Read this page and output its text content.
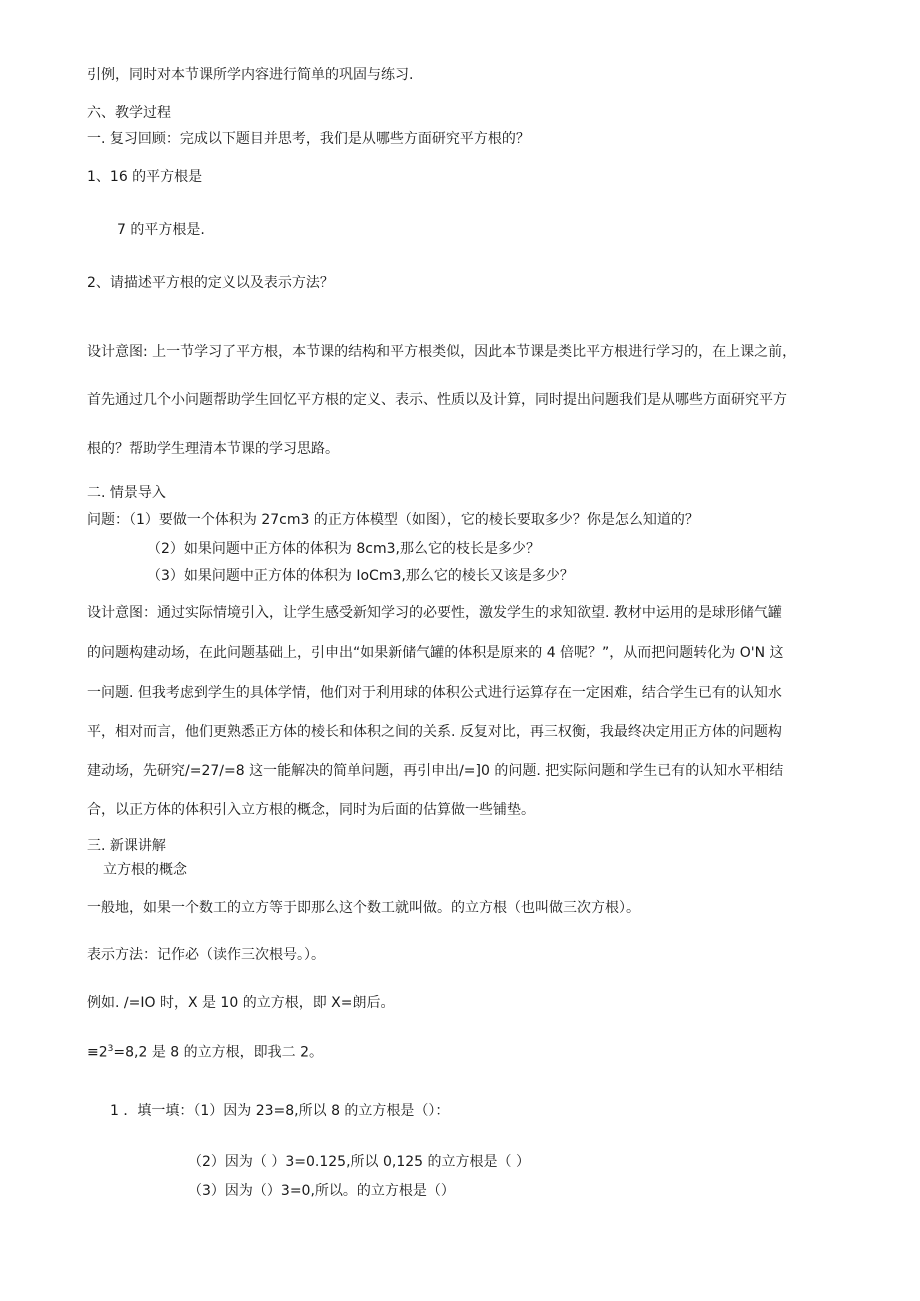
引例，同时对本节课所学内容进行简单的巩固与练习.
六、教学过程
一. 复习回顾：完成以下题目并思考，我们是从哪些方面研究平方根的？
1、16 的平方根是
7 的平方根是.
2、请描述平方根的定义以及表示方法？
设计意图: 上一节学习了平方根，本节课的结构和平方根类似，因此本节课是类比平方根进行学习的，在上课之前，
首先通过几个小问题帮助学生回忆平方根的定义、表示、性质以及计算，同时提出问题我们是从哪些方面研究平方
根的？帮助学生理清本节课的学习思路。
二. 情景导入
问题：（1）要做一个体积为 27cm3 的正方体模型（如图），它的棱长要取多少？你是怎么知道的？
（2）如果问题中正方体的体积为 8cm3,那么它的枝长是多少？
（3）如果问题中正方体的体积为 IoCm3,那么它的棱长又该是多少？
设计意图：通过实际情境引入，让学生感受新知学习的必要性，激发学生的求知欲望. 教材中运用的是球形储气罐
的问题构建动场，在此问题基础上，引申出“如果新储气罐的体积是原来的 4 倍呢？”，从而把问题转化为 O'N 这
一问题. 但我考虑到学生的具体学情，他们对于利用球的体积公式进行运算存在一定困难，结合学生已有的认知水
平，相对而言，他们更熟悉正方体的棱长和体积之间的关系. 反复对比，再三权衡，我最终决定用正方体的问题构
建动场，先研究/=27∕=8 这一能解决的简单问题，再引申出∕=]0 的问题. 把实际问题和学生已有的认知水平相结
合，以正方体的体积引入立方根的概念，同时为后面的估算做一些铺垫。
三. 新课讲解
立方根的概念
一般地，如果一个数工的立方等于即那么这个数工就叫做。的立方根（也叫做三次方根）。
表示方法：记作必（读作三次根号。）。
例如. ∕=IO 时，X 是 10 的立方根，即 X=朗后。
$\equiv 2^3=8,2$ 是 8 的立方根，即我二 2。
1 ．填一填：（1）因为 23=8,所以 8 的立方根是（）：
（2）因为（ ）3=0.125,所以 0,125 的立方根是（ ）
（3）因为（）3=0,所以。的立方根是（）
